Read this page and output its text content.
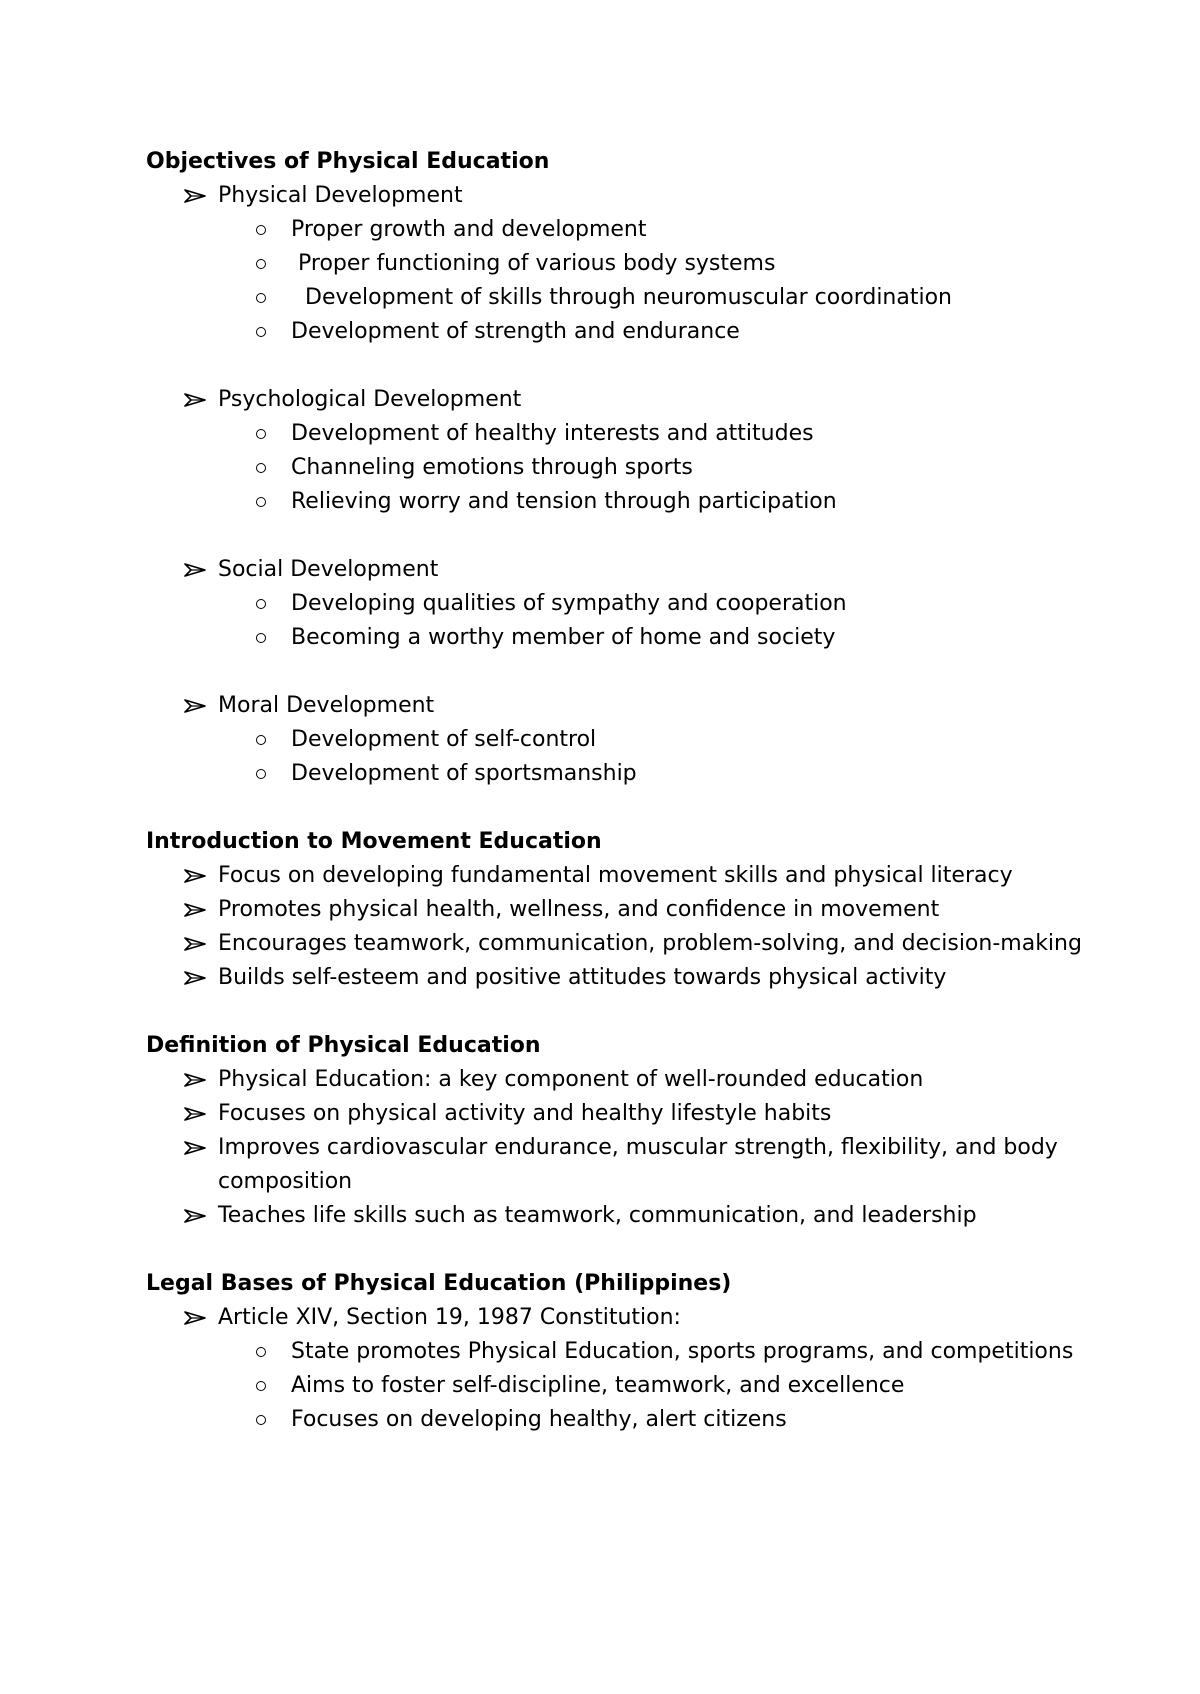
Objectives of Physical Education
Physical Development
Proper growth and development
Proper functioning of various body systems
Development of skills through neuromuscular coordination
Development of strength and endurance
Psychological Development
Development of healthy interests and attitudes
Channeling emotions through sports
Relieving worry and tension through participation
Social Development
Developing qualities of sympathy and cooperation
Becoming a worthy member of home and society
Moral Development
Development of self-control
Development of sportsmanship
Introduction to Movement Education
Focus on developing fundamental movement skills and physical literacy
Promotes physical health, wellness, and confidence in movement
Encourages teamwork, communication, problem-solving, and decision-making
Builds self-esteem and positive attitudes towards physical activity
Definition of Physical Education
Physical Education: a key component of well-rounded education
Focuses on physical activity and healthy lifestyle habits
Improves cardiovascular endurance, muscular strength, flexibility, and body composition
Teaches life skills such as teamwork, communication, and leadership
Legal Bases of Physical Education (Philippines)
Article XIV, Section 19, 1987 Constitution:
State promotes Physical Education, sports programs, and competitions
Aims to foster self-discipline, teamwork, and excellence
Focuses on developing healthy, alert citizens
